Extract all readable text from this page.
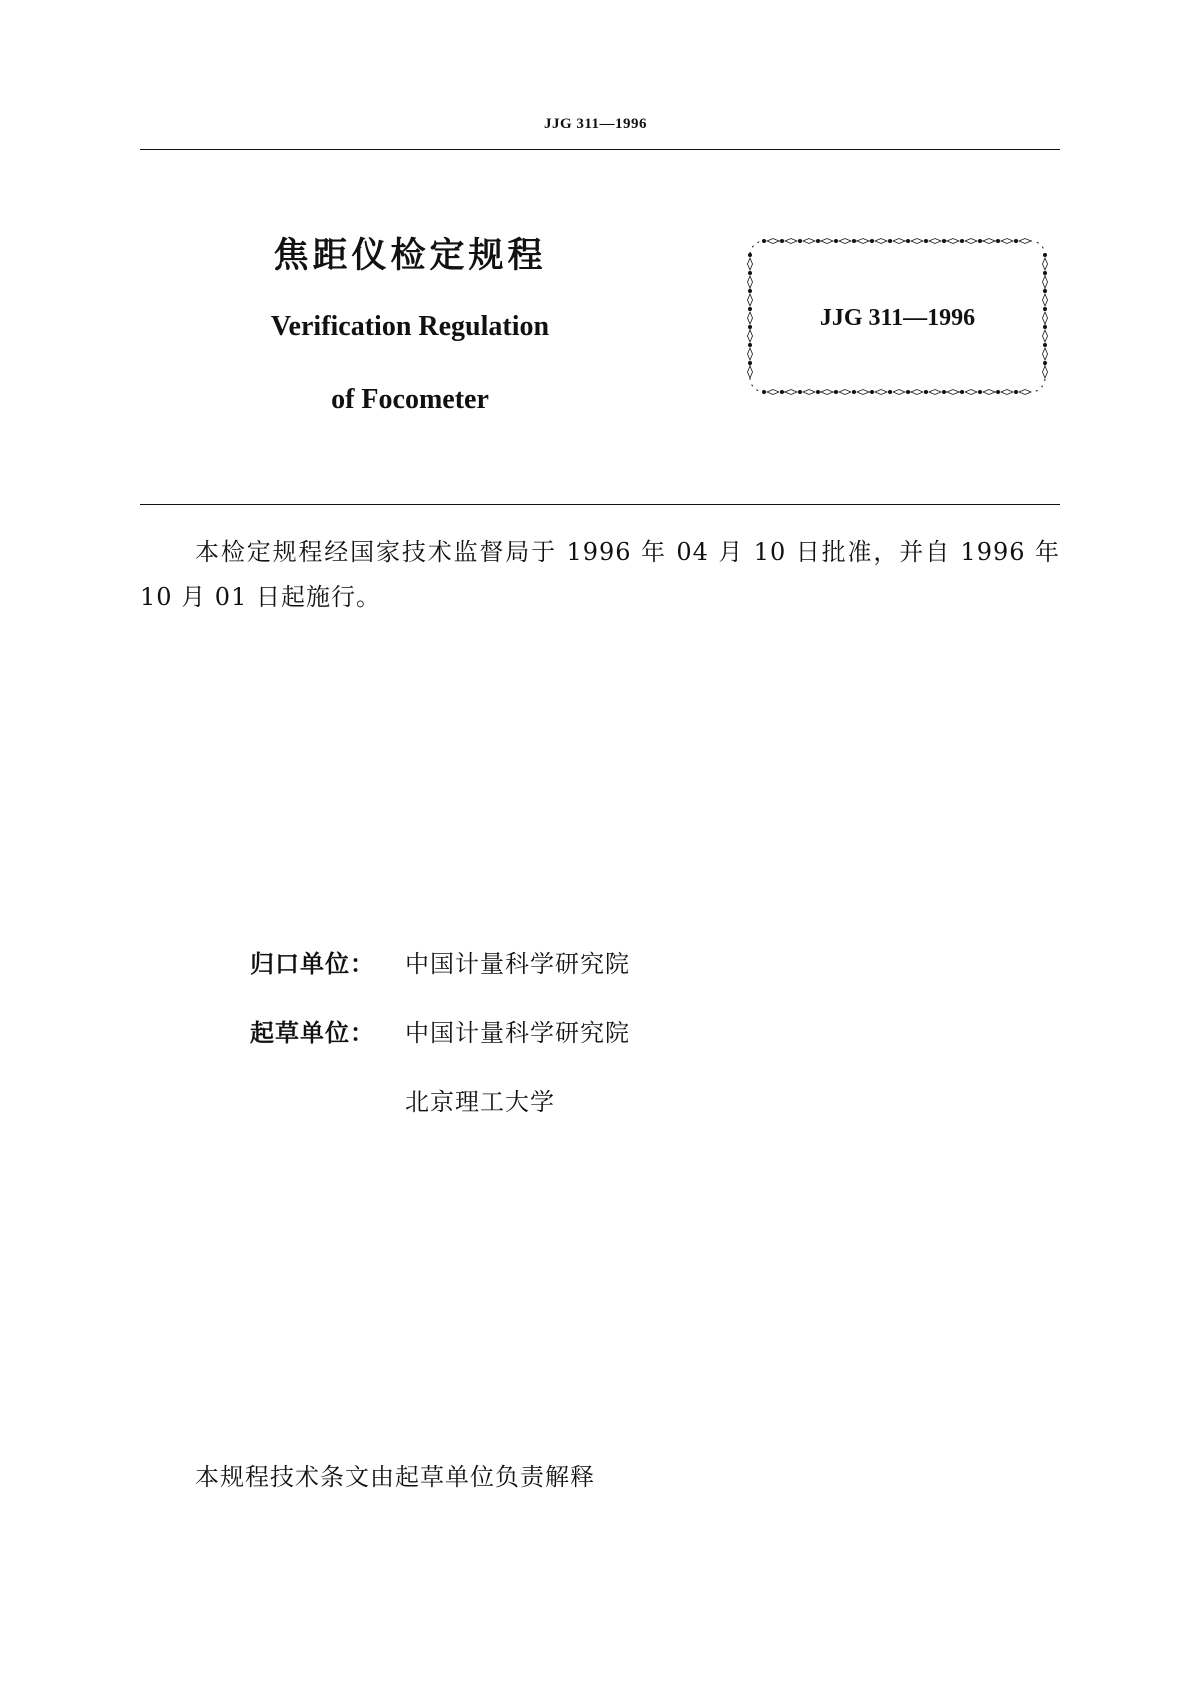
JJG 311—1996
焦距仪检定规程
Verification Regulation
of Focometer
JJG 311—1996
本检定规程经国家技术监督局于 1996 年 04 月 10 日批准，并自 1996 年 10 月 01 日起施行。
归口单位： 中国计量科学研究院
起草单位： 中国计量科学研究院
北京理工大学
本规程技术条文由起草单位负责解释
